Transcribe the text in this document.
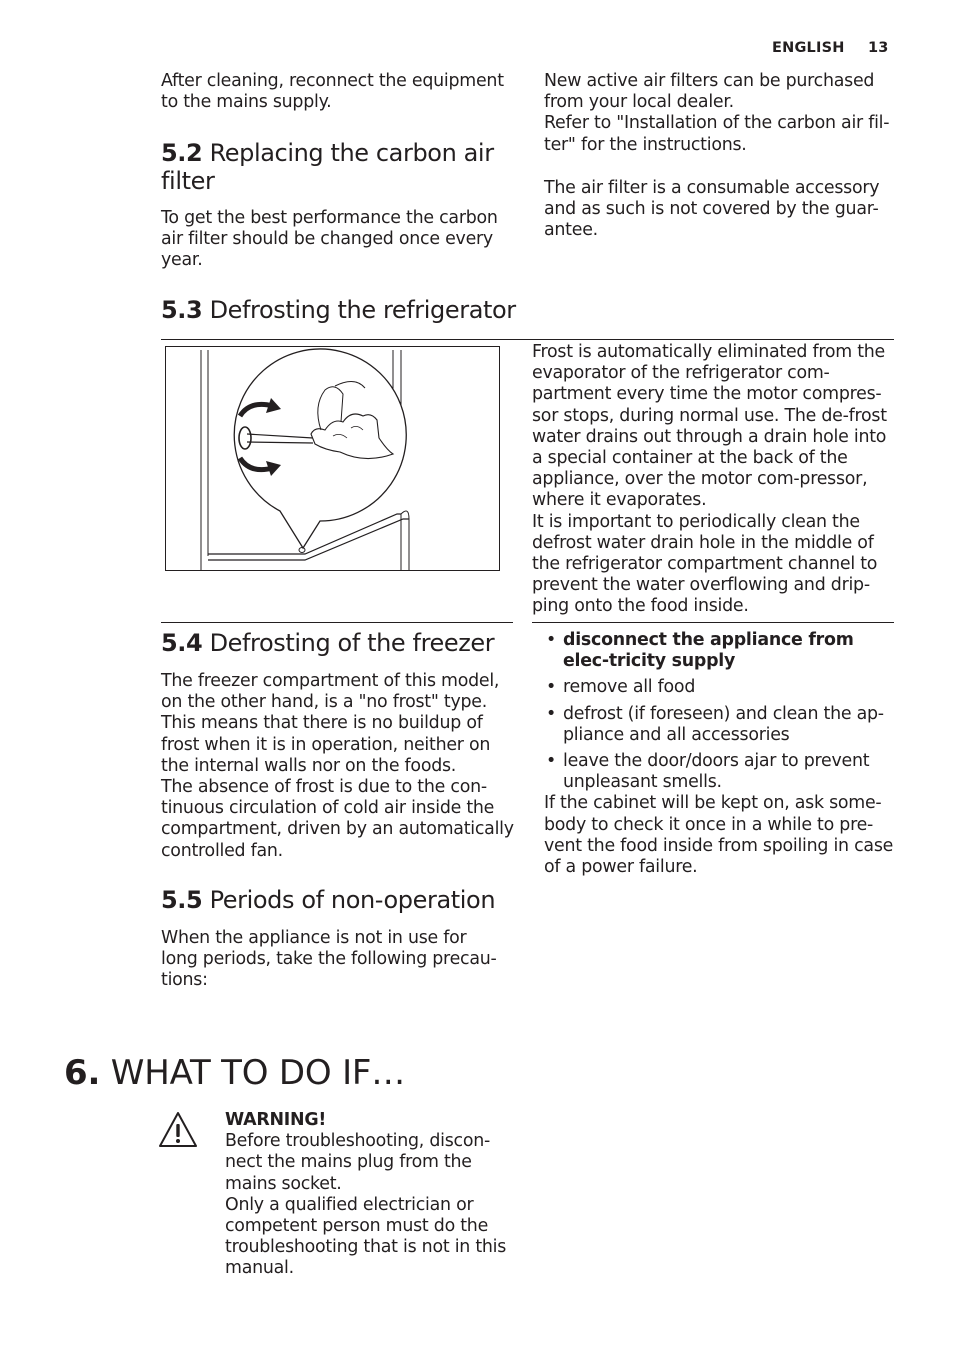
ENGLISH 13

After cleaning, reconnect the equipment to the mains supply.

New active air filters can be purchased
from your local dealer.
Refer to "Installation of the carbon air fil-
ter" for the instructions.

The air filter is a consumable accessory and as such is not covered by the guar-antee.

5.2 Replacing the carbon air filter

To get the best performance the carbon air filter should be changed once every year.

5.3 Defrosting the refrigerator

Frost is automatically eliminated from the evaporator of the refrigerator com-partment every time the motor compres-sor stops, during normal use. The de-frost water drains out through a drain hole into a special container at the back of the appliance, over the motor com-pressor, where it evaporates.

It is important to periodically clean the defrost water drain hole in the middle of the refrigerator compartment channel to prevent the water overflowing and drip-ping onto the food inside.

5.4 Defrosting of the freezer

The freezer compartment of this model, on the other hand, is a "no frost" type. This means that there is no buildup of frost when it is in operation, neither on the internal walls nor on the foods.

The absence of frost is due to the con-tinuous circulation of cold air inside the compartment, driven by an automatically controlled fan.

5.5 Periods of non-operation

When the appliance is not in use for long periods, take the following precau-tions:

• disconnect the appliance from elec-tricity supply
• remove all food
• defrost (if foreseen) and clean the ap-pliance and all accessories
• leave the door/doors ajar to prevent unpleasant smells.

If the cabinet will be kept on, ask some-body to check it once in a while to pre-vent the food inside from spoiling in case of a power failure.

6. WHAT TO DO IF…
WARNING!

Before troubleshooting, discon-nect the mains plug from the mains socket.

Only a qualified electrician or competent person must do the troubleshooting that is not in this manual.
